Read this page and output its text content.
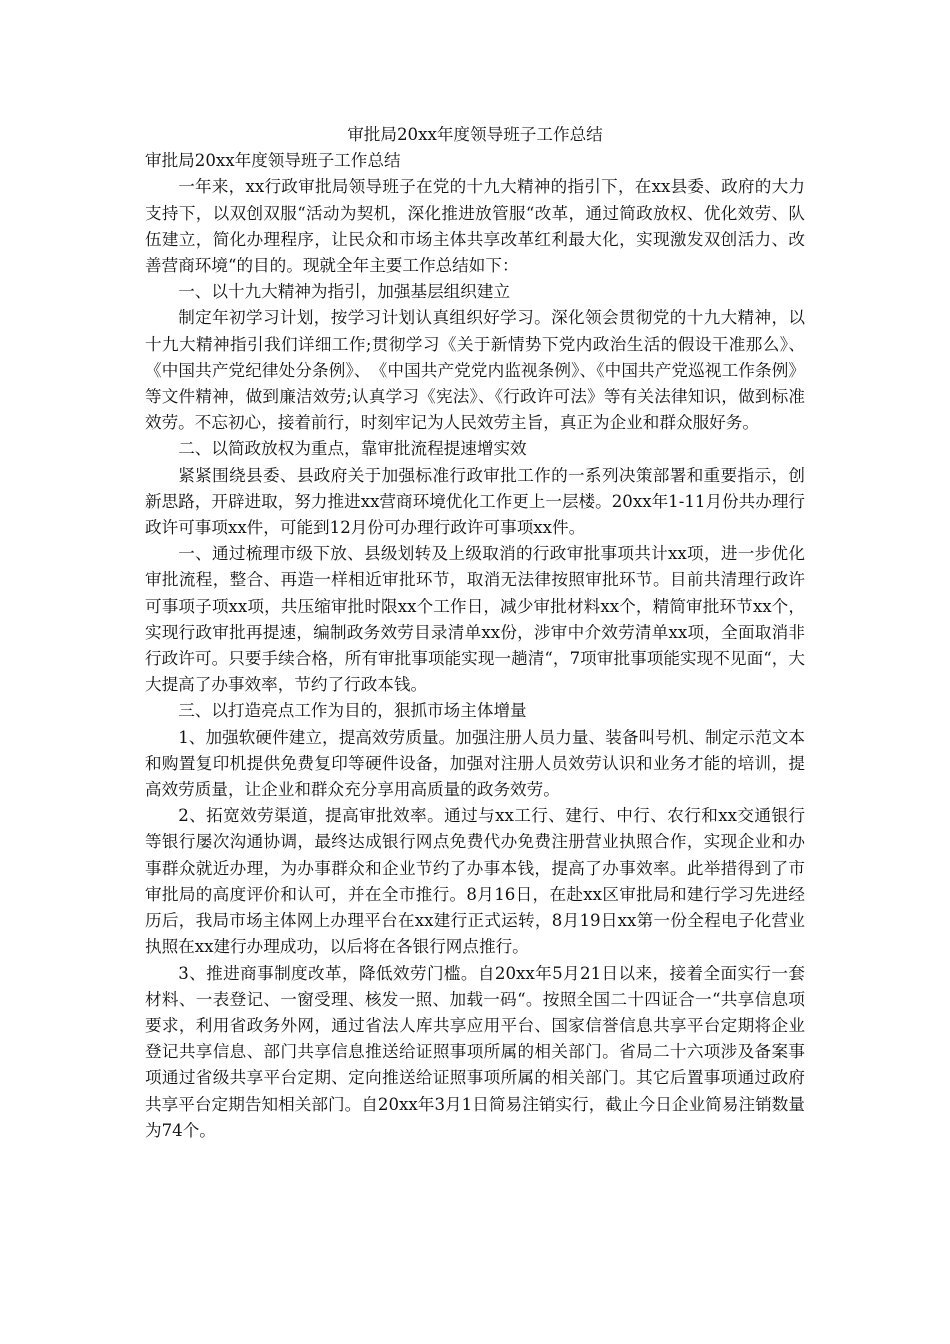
审批局20xx年度领导班子工作总结
审批局20xx年度领导班子工作总结

一年来，xx行政审批局领导班子在党的十九大精神的指引下，在xx县委、政府的大力支持下，以双创双服“活动为契机，深化推进放管服“改革，通过简政放权、优化效劳、队伍建立，简化办理程序，让民众和市场主体共享改革红利最大化，实现激发双创活力、改善营商环境“的目的。现就全年主要工作总结如下：

一、以十九大精神为指引，加强基层组织建立

制定年初学习计划，按学习计划认真组织好学习。深化领会贯彻党的十九大精神，以十九大精神指引我们详细工作;贯彻学习《关于新情势下党内政治生活的假设干准那么》、《中国共产党纪律处分条例》、　《中国共产党党内监视条例》、《中国共产党巡视工作条例》等文件精神，做到廉洁效劳;认真学习《宪法》、《行政许可法》等有关法律知识，做到标准效劳。不忘初心，接着前行，时刻牢记为人民效劳主旨，真正为企业和群众服好务。

二、以简政放权为重点，靠审批流程提速增实效

紧紧围绕县委、县政府关于加强标准行政审批工作的一系列决策部署和重要指示，创新思路，开辟进取，努力推进xx营商环境优化工作更上一层楼。20xx年1-11月份共办理行政许可事项xx件，可能到12月份可办理行政许可事项xx件。

一、通过梳理市级下放、县级划转及上级取消的行政审批事项共计xx项，进一步优化审批流程，整合、再造一样相近审批环节，取消无法律按照审批环节。目前共清理行政许可事项子项xx项，共压缩审批时限xx个工作日，减少审批材料xx个，精简审批环节xx个，实现行政审批再提速，编制政务效劳目录清单xx份，涉审中介效劳清单xx项，全面取消非行政许可。只要手续合格，所有审批事项能实现一趟清“，7项审批事项能实现不见面“，大大提高了办事效率，节约了行政本钱。

三、以打造亮点工作为目的，狠抓市场主体增量

1、加强软硬件建立，提高效劳质量。加强注册人员力量、装备叫号机、制定示范文本和购置复印机提供免费复印等硬件设备，加强对注册人员效劳认识和业务才能的培训，提高效劳质量，让企业和群众充分享用高质量的政务效劳。

2、拓宽效劳渠道，提高审批效率。通过与xx工行、建行、中行、农行和xx交通银行等银行屡次沟通协调，最终达成银行网点免费代办免费注册营业执照合作，实现企业和办事群众就近办理，为办事群众和企业节约了办事本钱，提高了办事效率。此举措得到了市审批局的高度评价和认可，并在全市推行。8月16日，在赴xx区审批局和建行学习先进经历后，我局市场主体网上办理平台在xx建行正式运转，8月19日xx第一份全程电子化营业执照在xx建行办理成功，以后将在各银行网点推行。

3、推进商事制度改革，降低效劳门槛。自20xx年5月21日以来，接着全面实行一套材料、一表登记、一窗受理、核发一照、加载一码“。按照全国二十四证合一“共享信息项要求，利用省政务外网，通过省法人库共享应用平台、国家信誉信息共享平台定期将企业登记共享信息、部门共享信息推送给证照事项所属的相关部门。省局二十六项涉及备案事项通过省级共享平台定期、定向推送给证照事项所属的相关部门。其它后置事项通过政府共享平台定期告知相关部门。自20xx年3月1日简易注销实行，截止今日企业简易注销数量为74个。
